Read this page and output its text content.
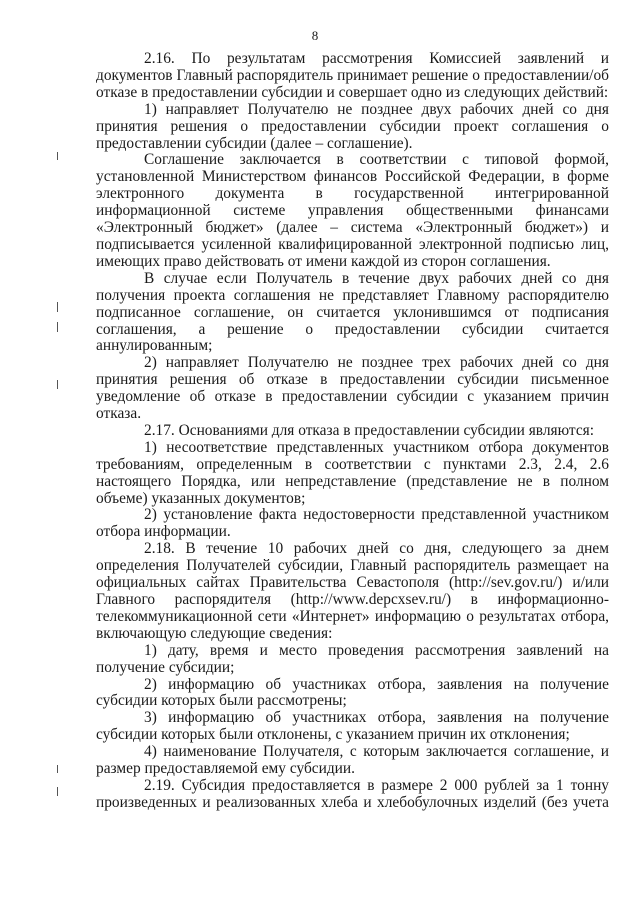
8

2.16. По результатам рассмотрения Комиссией заявлений и документов Главный распорядитель принимает решение о предоставлении/об отказе в предоставлении субсидии и совершает одно из следующих действий:

1) направляет Получателю не позднее двух рабочих дней со дня принятия решения о предоставлении субсидии проект соглашения о предоставлении субсидии (далее – соглашение).

Соглашение заключается в соответствии с типовой формой, установленной Министерством финансов Российской Федерации, в форме электронного документа в государственной интегрированной информационной системе управления общественными финансами «Электронный бюджет» (далее – система «Электронный бюджет») и подписывается усиленной квалифицированной электронной подписью лиц, имеющих право действовать от имени каждой из сторон соглашения.

В случае если Получатель в течение двух рабочих дней со дня получения проекта соглашения не представляет Главному распорядителю подписанное соглашение, он считается уклонившимся от подписания соглашения, а решение о предоставлении субсидии считается аннулированным;

2) направляет Получателю не позднее трех рабочих дней со дня принятия решения об отказе в предоставлении субсидии письменное уведомление об отказе в предоставлении субсидии с указанием причин отказа.

2.17. Основаниями для отказа в предоставлении субсидии являются:

1) несоответствие представленных участником отбора документов требованиям, определенным в соответствии с пунктами 2.3, 2.4, 2.6 настоящего Порядка, или непредставление (представление не в полном объеме) указанных документов;

2) установление факта недостоверности представленной участником отбора информации.

2.18. В течение 10 рабочих дней со дня, следующего за днем определения Получателей субсидии, Главный распорядитель размещает на официальных сайтах Правительства Севастополя (http://sev.gov.ru/) и/или Главного распорядителя (http://www.depcxsev.ru/) в информационно-телекоммуникационной сети «Интернет» информацию о результатах отбора, включающую следующие сведения:

1) дату, время и место проведения рассмотрения заявлений на получение субсидии;

2) информацию об участниках отбора, заявления на получение субсидии которых были рассмотрены;

3) информацию об участниках отбора, заявления на получение субсидии которых были отклонены, с указанием причин их отклонения;

4) наименование Получателя, с которым заключается соглашение, и размер предоставляемой ему субсидии.

2.19. Субсидия предоставляется в размере 2 000 рублей за 1 тонну произведенных и реализованных хлеба и хлебобулочных изделий (без учета
